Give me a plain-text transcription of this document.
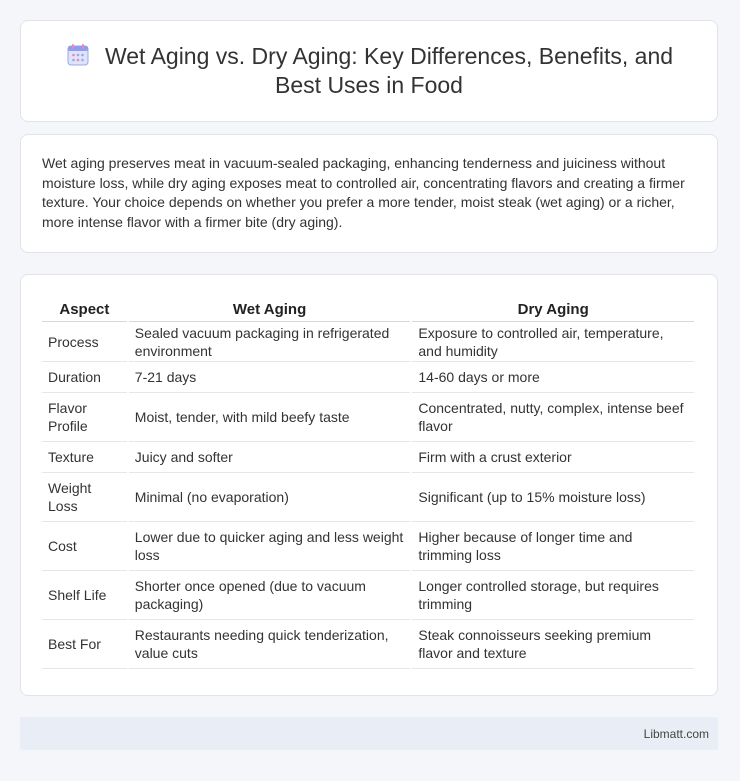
Wet Aging vs. Dry Aging: Key Differences, Benefits, and Best Uses in Food
Wet aging preserves meat in vacuum-sealed packaging, enhancing tenderness and juiciness without moisture loss, while dry aging exposes meat to controlled air, concentrating flavors and creating a firmer texture. Your choice depends on whether you prefer a more tender, moist steak (wet aging) or a richer, more intense flavor with a firmer bite (dry aging).
Aspect	Wet Aging	Dry Aging
Process	Sealed vacuum packaging in refrigerated environment	Exposure to controlled air, temperature, and humidity
Duration	7-21 days	14-60 days or more
Flavor Profile	Moist, tender, with mild beefy taste	Concentrated, nutty, complex, intense beef flavor
Texture	Juicy and softer	Firm with a crust exterior
Weight Loss	Minimal (no evaporation)	Significant (up to 15% moisture loss)
Cost	Lower due to quicker aging and less weight loss	Higher because of longer time and trimming loss
Shelf Life	Shorter once opened (due to vacuum packaging)	Longer controlled storage, but requires trimming
Best For	Restaurants needing quick tenderization, value cuts	Steak connoisseurs seeking premium flavor and texture
Libmatt.com
